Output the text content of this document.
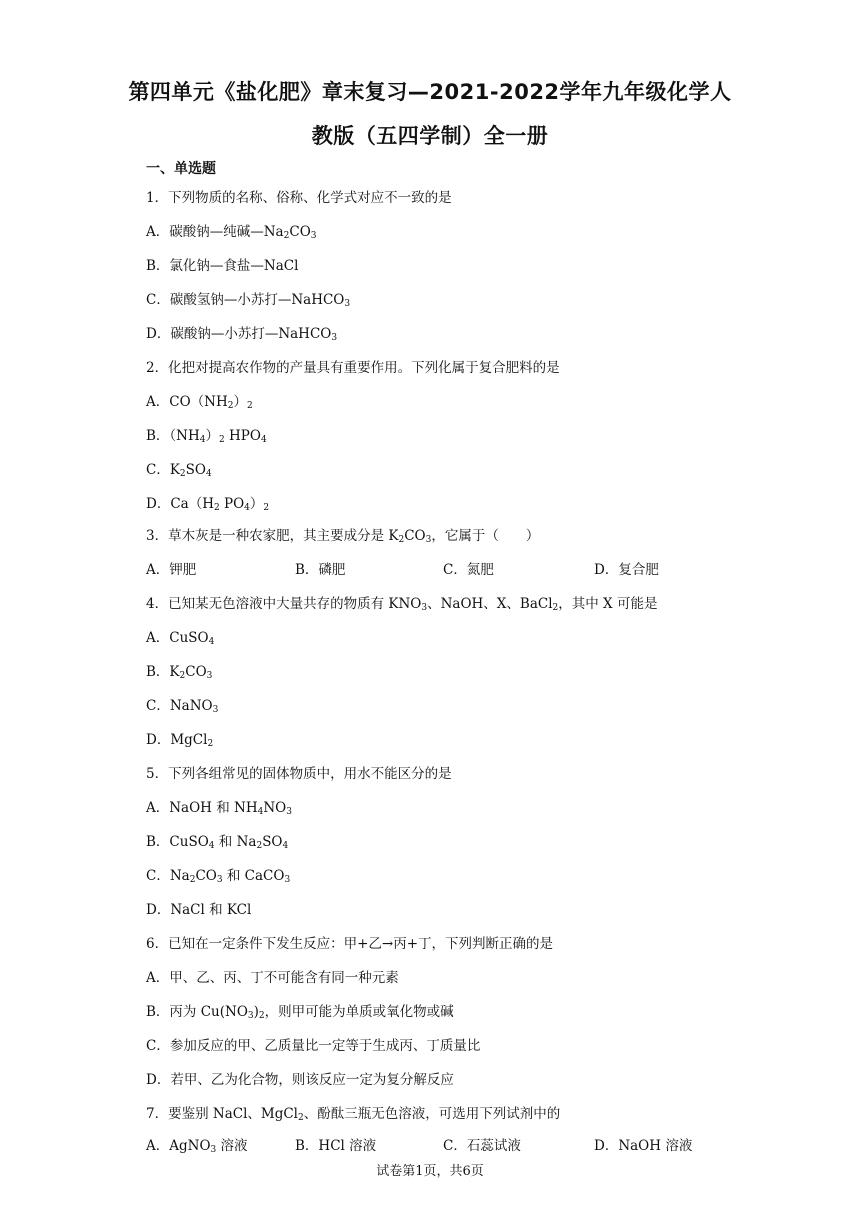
第四单元《盐化肥》章末复习—2021-2022学年九年级化学人
教版（五四学制）全一册
一、单选题
1．下列物质的名称、俗称、化学式对应不一致的是
A．碳酸钠—纯碱$—Na_2CO_3$
B．氯化钠—食盐—NaCl
C．碳酸氢钠—小苏打—NaHCO$_3$
D．碳酸钠—小苏打—NaHCO$_3$
2．化把对提高农作物的产量具有重要作用。下列化属于复合肥料的是
A．$CO(NH_2)_2$
B．$(NH_4)_2$ $HPO_4$
C．$K_2SO_4$
D．$Ca(H_2$ $PO_4)_2$
3．草木灰是一种农家肥，其主要成分是 $K_2CO_3$，它属于（　　）
A．钾肥	B．磷肥	C．氮肥	D．复合肥
4．已知某无色溶液中大量共存的物质有 $KNO_3$、NaOH、X、BaCl$_2$，其中 X 可能是
A．CuSO$_4$
B．$K_2CO_3$
C．NaNO$_3$
D．MgCl$_2$
5．下列各组常见的固体物质中，用水不能区分的是
A．NaOH 和 $NH_4NO_3$
B．CuSO$_4$ 和 $Na_2SO_4$
C．$Na_2CO_3$ 和 CaCO$_3$
D．NaCl 和 KCl
6．已知在一定条件下发生反应：甲+乙→丙+丁，下列判断正确的是
A．甲、乙、丙、丁不可能含有同一种元素
B．丙为 $Cu(NO_3)_2$，则甲可能为单质或氧化物或碱
C．参加反应的甲、乙质量比一定等于生成丙、丁质量比
D．若甲、乙为化合物，则该反应一定为复分解反应
7．要鉴别 NaCl、MgCl$_2$、酚酞三瓶无色溶液，可选用下列试剂中的
A．AgNO$_3$ 溶液	B．HCl 溶液	C．石蕊试液	D．NaOH 溶液
试卷第1页，共6页
